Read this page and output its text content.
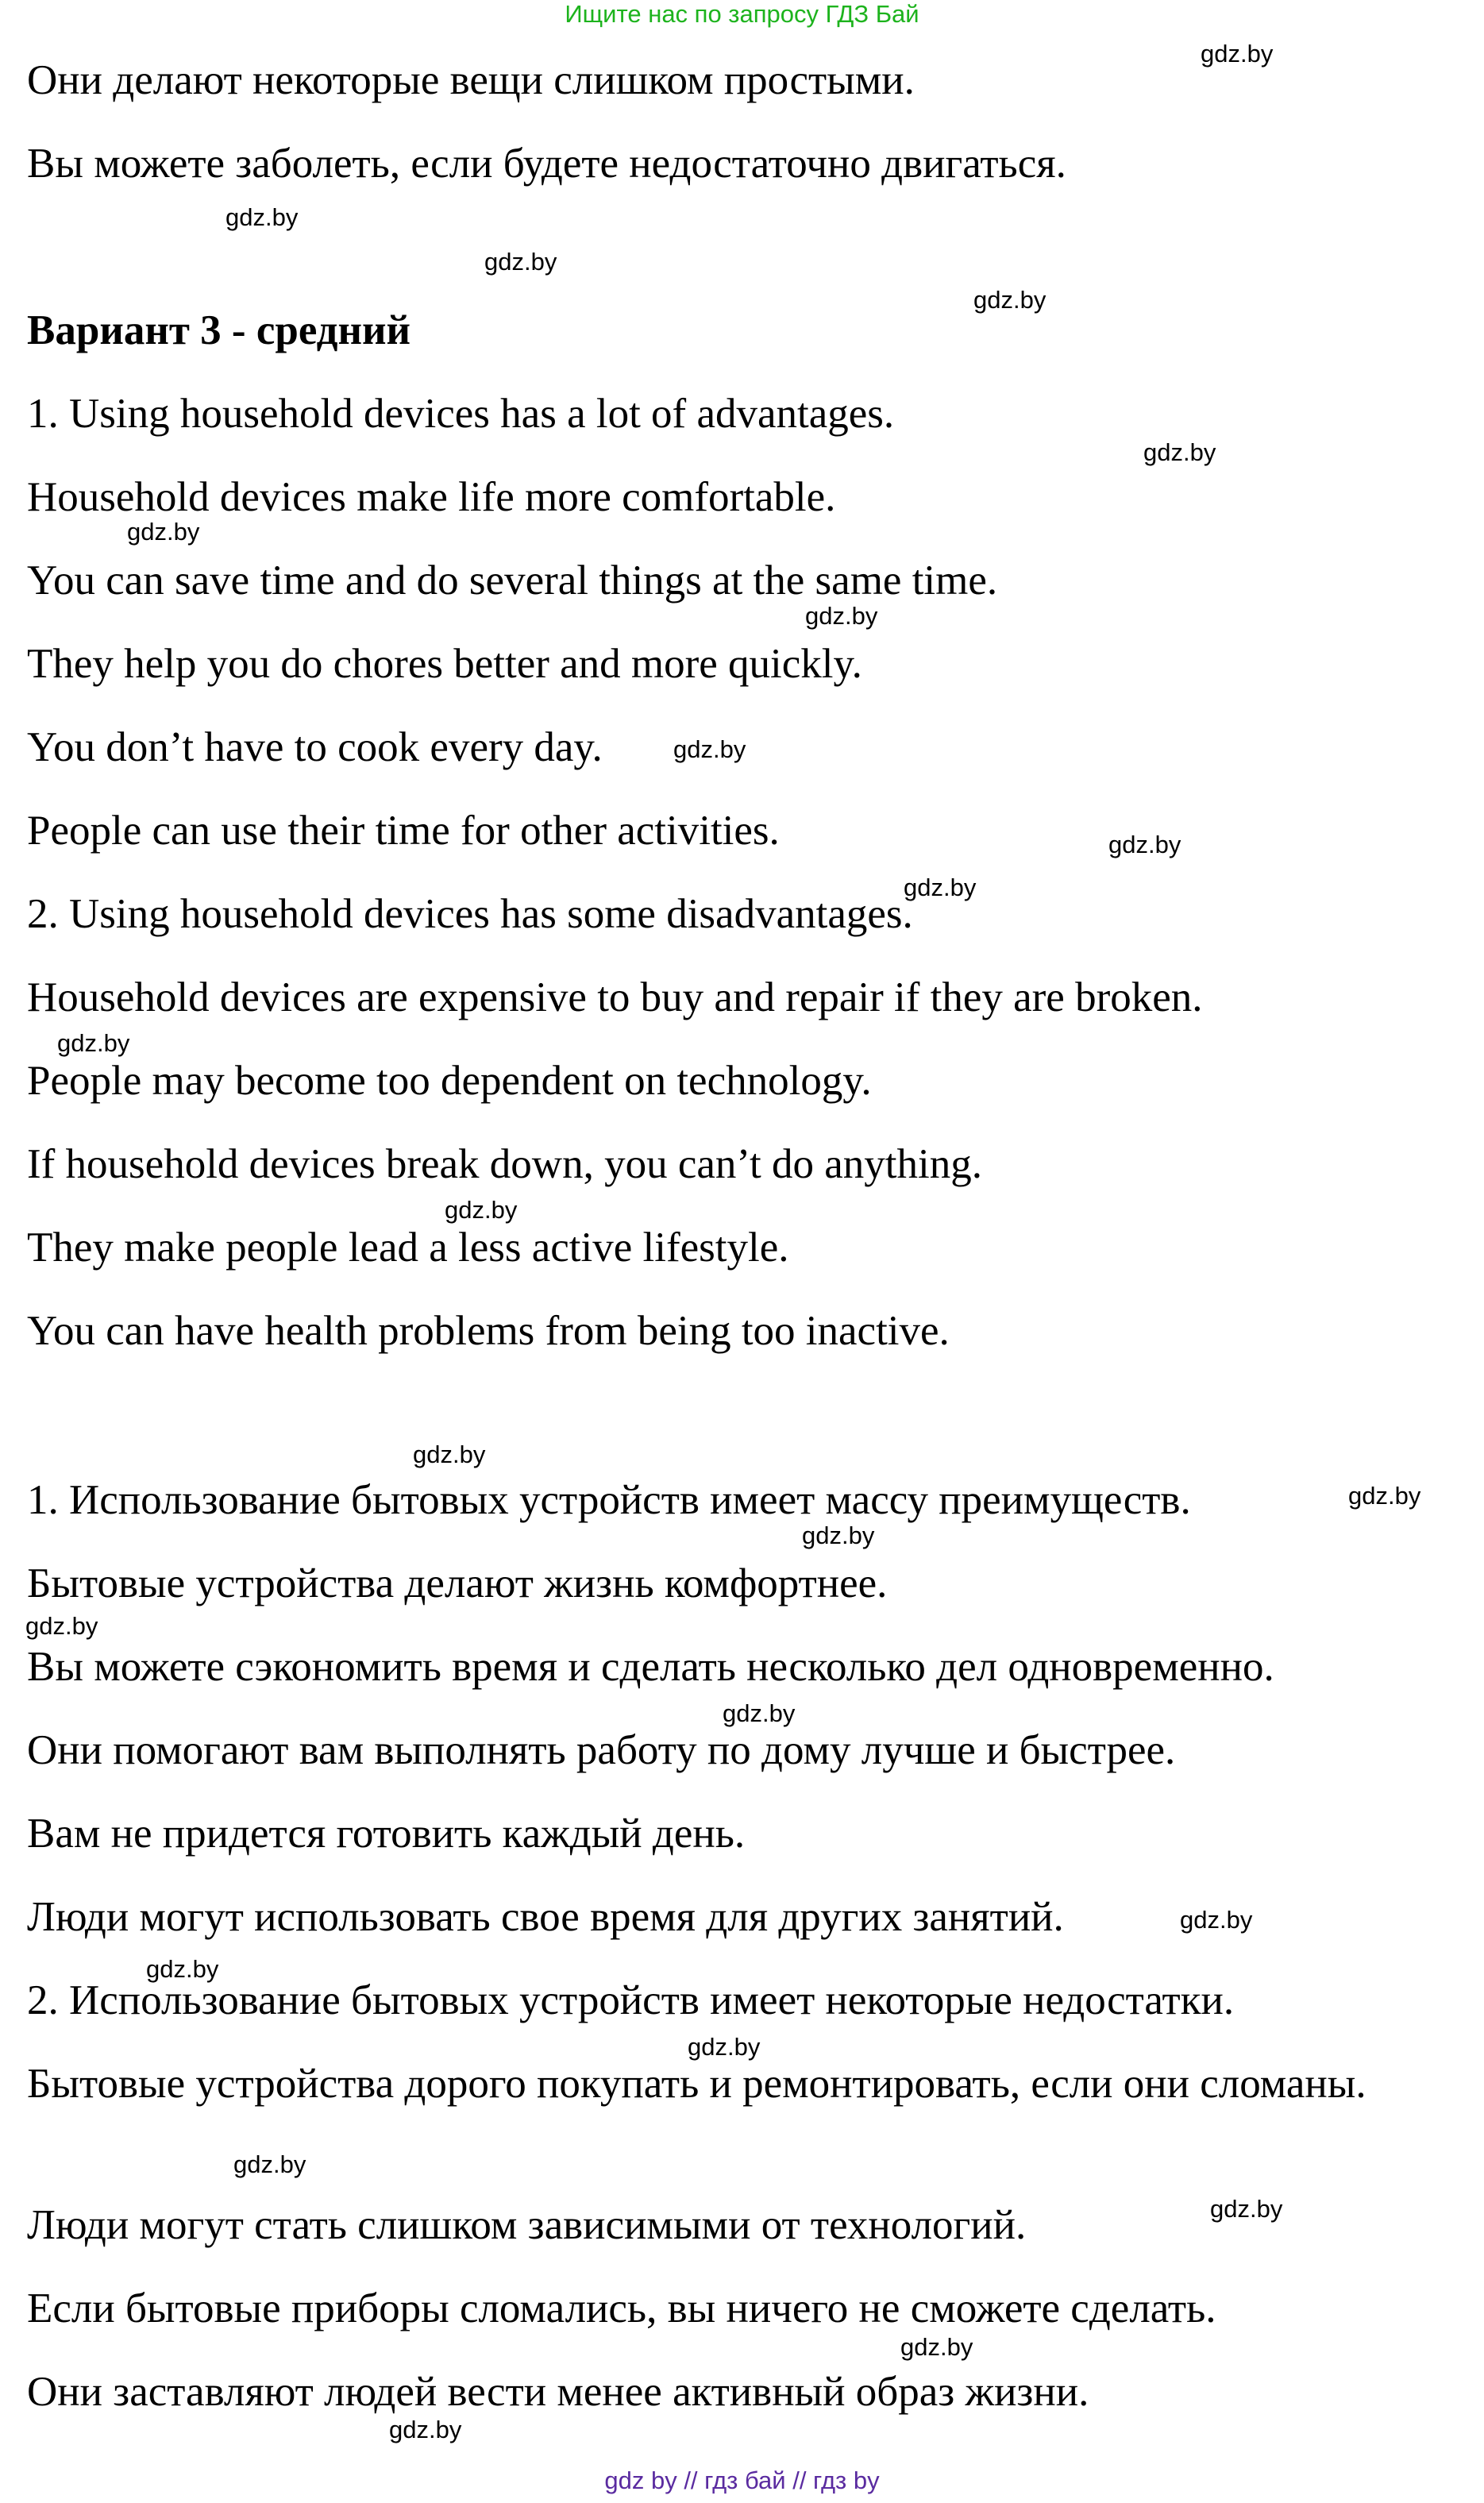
Ищите нас по запросу ГДЗ Бай
Они делают некоторые вещи слишком простыми.
Вы можете заболеть, если будете недостаточно двигаться.
Вариант 3 - средний
1. Using household devices has a lot of advantages.
Household devices make life more comfortable.
You can save time and do several things at the same time.
They help you do chores better and more quickly.
You don’t have to cook every day.
People can use their time for other activities.
2. Using household devices has some disadvantages.
Household devices are expensive to buy and repair if they are broken.
People may become too dependent on technology.
If household devices break down, you can’t do anything.
They make people lead a less active lifestyle.
You can have health problems from being too inactive.
1. Использование бытовых устройств имеет массу преимуществ.
Бытовые устройства делают жизнь комфортнее.
Вы можете сэкономить время и сделать несколько дел одновременно.
Они помогают вам выполнять работу по дому лучше и быстрее.
Вам не придется готовить каждый день.
Люди могут использовать свое время для других занятий.
2. Использование бытовых устройств имеет некоторые недостатки.
Бытовые устройства дорого покупать и ремонтировать, если они сломаны.
Люди могут стать слишком зависимыми от технологий.
Если бытовые приборы сломались, вы ничего не сможете сделать.
Они заставляют людей вести менее активный образ жизни.
gdz.by
gdz.by
gdz.by
gdz.by
gdz.by
gdz.by
gdz.by
gdz.by
gdz.by
gdz.by
gdz.by
gdz.by
gdz.by
gdz.by
gdz.by
gdz.by
gdz.by
gdz.by
gdz.by
gdz.by
gdz.by
gdz.by
gdz.by
gdz.by
gdz by // гдз бай // гдз by
